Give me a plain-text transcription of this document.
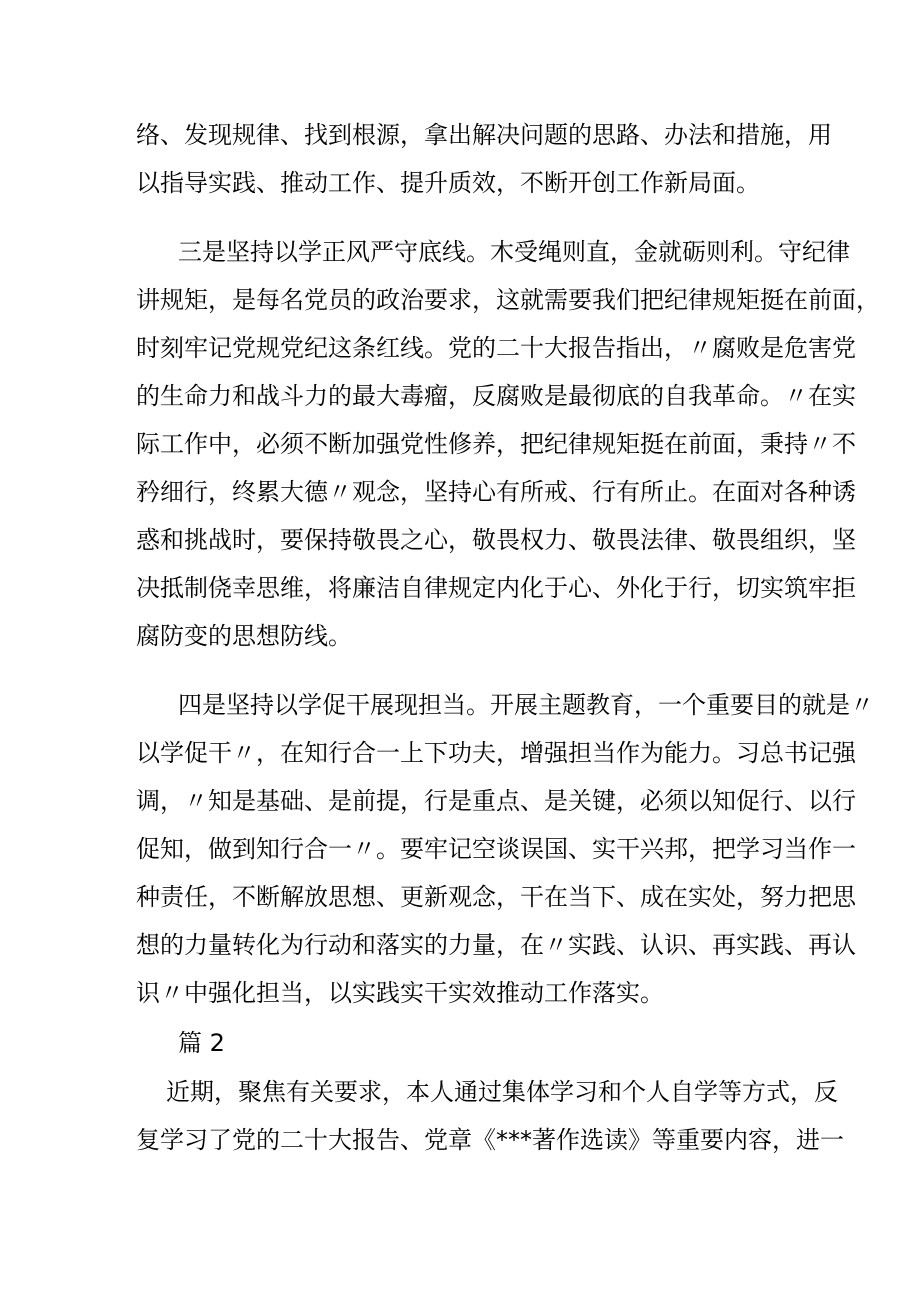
络、发现规律、找到根源，拿出解决问题的思路、办法和措施，用
以指导实践、推动工作、提升质效，不断开创工作新局面。
三是坚持以学正风严守底线。木受绳则直，金就砺则利。守纪律
讲规矩，是每名党员的政治要求，这就需要我们把纪律规矩挺在前面，
时刻牢记党规党纪这条红线。党的二十大报告指出，〃腐败是危害党
的生命力和战斗力的最大毒瘤，反腐败是最彻底的自我革命。〃在实
际工作中，必须不断加强党性修养，把纪律规矩挺在前面，秉持〃不
矜细行，终累大德〃观念，坚持心有所戒、行有所止。在面对各种诱
惑和挑战时，要保持敬畏之心，敬畏权力、敬畏法律、敬畏组织，坚
决抵制侥幸思维，将廉洁自律规定内化于心、外化于行，切实筑牢拒
腐防变的思想防线。
四是坚持以学促干展现担当。开展主题教育，一个重要目的就是〃
以学促干〃，在知行合一上下功夫，增强担当作为能力。习总书记强
调，〃知是基础、是前提，行是重点、是关键，必须以知促行、以行
促知，做到知行合一〃。要牢记空谈误国、实干兴邦，把学习当作一
种责任，不断解放思想、更新观念，干在当下、成在实处，努力把思
想的力量转化为行动和落实的力量，在〃实践、认识、再实践、再认
识〃中强化担当，以实践实干实效推动工作落实。
篇 2
近期，聚焦有关要求，本人通过集体学习和个人自学等方式，反
复学习了党的二十大报告、党章《***著作选读》等重要内容，进一
